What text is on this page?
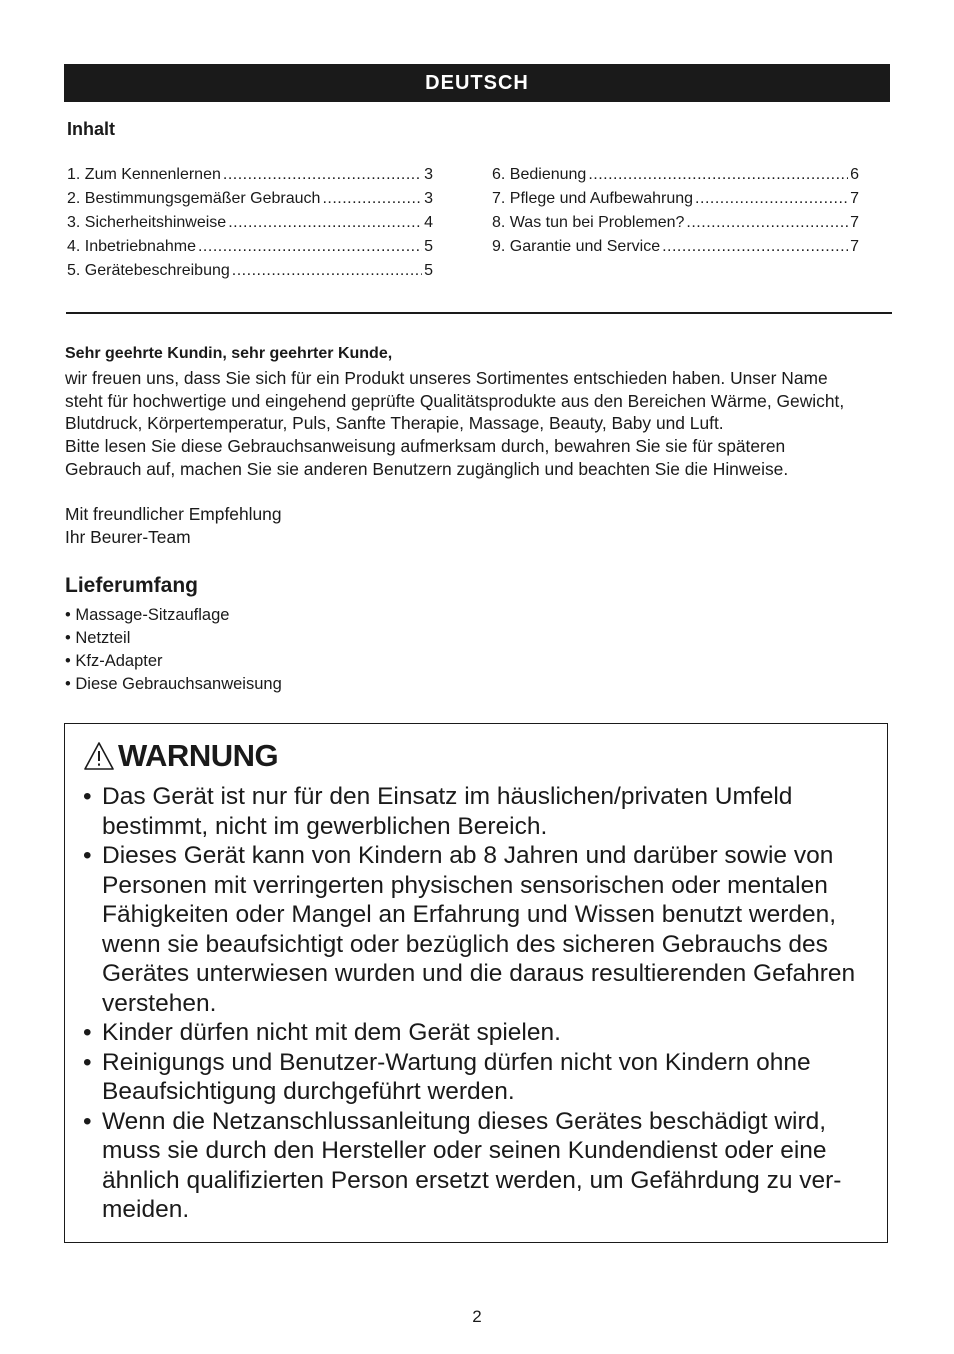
DEUTSCH
Inhalt
1. Zum Kennenlernen .....	3
2. Bestimmungsgemäßer Gebrauch .....	3
3. Sicherheitshinweise .....	4
4. Inbetriebnahme .....	5
5. Gerätebeschreibung .....	5
6. Bedienung .....	6
7. Pflege und Aufbewahrung .....	7
8. Was tun bei Problemen? .....	7
9. Garantie und Service .....	7
Sehr geehrte Kundin, sehr geehrter Kunde,

wir freuen uns, dass Sie sich für ein Produkt unseres Sortimentes entschieden haben. Unser Name
steht für hochwertige und eingehend geprüfte Qualitätsprodukte aus den Bereichen Wärme, Gewicht,
Blutdruck, Körpertemperatur, Puls, Sanfte Therapie, Massage, Beauty, Baby und Luft.
Bitte lesen Sie diese Gebrauchsanweisung aufmerksam durch, bewahren Sie sie für späteren
Gebrauch auf, machen Sie sie anderen Benutzern zugänglich und beachten Sie die Hinweise.

Mit freundlicher Empfehlung
Ihr Beurer-Team
Lieferumfang
• Massage-Sitzauflage
• Netzteil
• Kfz-Adapter
• Diese Gebrauchsanweisung
WARNUNG
• Das Gerät ist nur für den Einsatz im häuslichen/privaten Umfeld bestimmt, nicht im gewerblichen Bereich.
• Dieses Gerät kann von Kindern ab 8 Jahren und darüber sowie von Personen mit verringerten physischen sensorischen oder mentalen Fähigkeiten oder Mangel an Erfahrung und Wissen benutzt werden, wenn sie beaufsichtigt oder bezüglich des sicheren Gebrauchs des Gerätes unterwiesen wurden und die daraus resultierenden Gefahren verstehen.
• Kinder dürfen nicht mit dem Gerät spielen.
• Reinigungs und Benutzer-Wartung dürfen nicht von Kindern ohne Beaufsichtigung durchgeführt werden.
• Wenn die Netzanschlussanleitung dieses Gerätes beschädigt wird, muss sie durch den Hersteller oder seinen Kundendienst oder eine ähnlich qualifizierten Person ersetzt werden, um Gefährdung zu ver-meiden.
2
